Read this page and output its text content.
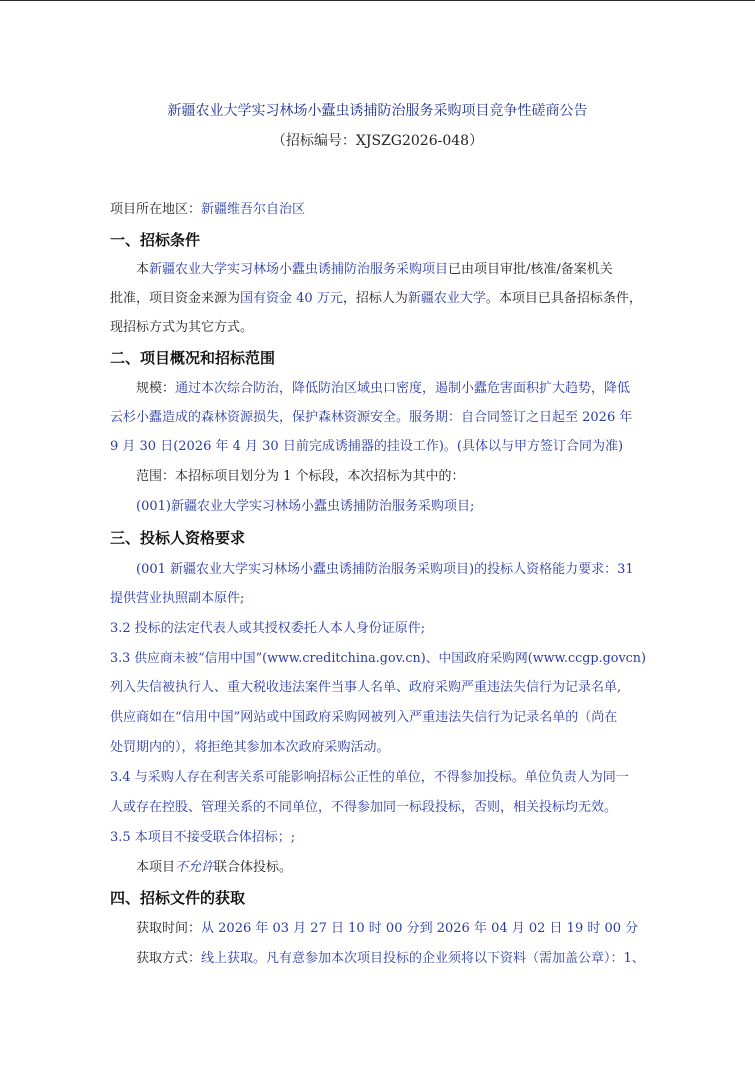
新疆农业大学实习林场小蠹虫诱捕防治服务采购项目竞争性磋商公告
（招标编号：XJSZG2026-048）
项目所在地区：新疆维吾尔自治区
一、招标条件
本新疆农业大学实习林场小蠹虫诱捕防治服务采购项目已由项目审批/核准/备案机关
批准，项目资金来源为国有资金 40 万元，招标人为新疆农业大学。本项目已具备招标条件，
现招标方式为其它方式。
二、项目概况和招标范围
规模：通过本次综合防治，降低防治区域虫口密度，遏制小蠹危害面积扩大趋势，降低
云杉小蠹造成的森林资源损失，保护森林资源安全。服务期：自合同签订之日起至 2026 年
9 月 30 日(2026 年 4 月 30 日前完成诱捕器的挂设工作)。(具体以与甲方签订合同为准)
范围：本招标项目划分为 1 个标段，本次招标为其中的：
(001)新疆农业大学实习林场小蠹虫诱捕防治服务采购项目;
三、投标人资格要求
(001 新疆农业大学实习林场小蠹虫诱捕防治服务采购项目)的投标人资格能力要求：31
提供营业执照副本原件;
3.2 投标的法定代表人或其授权委托人本人身份证原件;
3.3 供应商未被“信用中国”(www.creditchina.gov.cn)、中国政府采购网(www.ccgp.govcn)
列入失信被执行人、重大税收违法案件当事人名单、政府采购严重违法失信行为记录名单,
供应商如在“信用中国”网站或中国政府采购网被列入严重违法失信行为记录名单的（尚在
处罚期内的），将拒绝其参加本次政府采购活动。
3.4 与采购人存在利害关系可能影响招标公正性的单位，不得参加投标。单位负责人为同一
人或存在控股、管理关系的不同单位，不得参加同一标段投标，否则，相关投标均无效。
3.5 本项目不接受联合体招标；;
本项目不允许联合体投标。
四、招标文件的获取
获取时间：从 2026 年 03 月 27 日 10 时 00 分到 2026 年 04 月 02 日 19 时 00 分
获取方式：线上获取。凡有意参加本次项目投标的企业须将以下资料（需加盖公章）：1、
